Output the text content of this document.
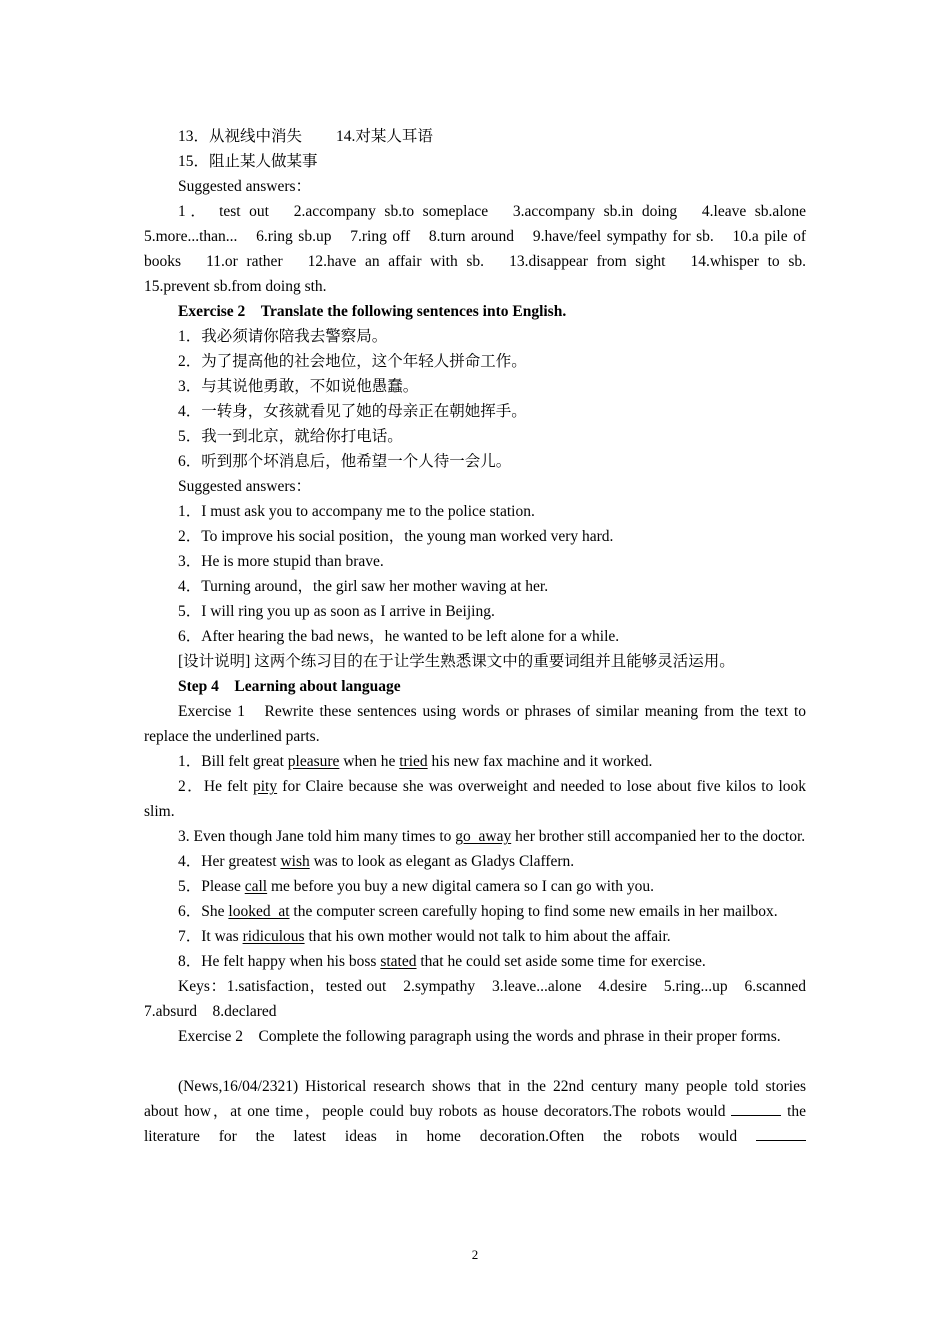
13．从视线中消失 14.对某人耳语

15．阻止某人做某事

Suggested answers：

1． test out　2.accompany sb.to someplace　3.accompany sb.in doing　4.leave sb.alone　5.more...than...　6.ring sb.up　7.ring off　8.turn around　9.have/feel sympathy for sb.　10.a pile of books　11.or rather　12.have an affair with sb.　13.disappear from sight　14.whisper to sb.　15.prevent sb.from doing sth.

Exercise 2　Translate the following sentences into English.

1．我必须请你陪我去警察局。

2．为了提高他的社会地位，这个年轻人拼命工作。

3．与其说他勇敢，不如说他愚蠢。

4．一转身，女孩就看见了她的母亲正在朝她挥手。

5．我一到北京，就给你打电话。

6．听到那个坏消息后，他希望一个人待一会儿。

Suggested answers：

1．I must ask you to accompany me to the police station.

2．To improve his social position，the young man worked very hard.

3．He is more stupid than brave.

4．Turning around，the girl saw her mother waving at her.

5．I will ring you up as soon as I arrive in Beijing.

6．After hearing the bad news，he wanted to be left alone for a while.

[设计说明] 这两个练习目的在于让学生熟悉课文中的重要词组并且能够灵活运用。

Step 4　Learning about language

Exercise 1　Rewrite these sentences using words or phrases of similar meaning from the text to replace the underlined parts.

1．Bill felt great pleasure when he tried his new fax machine and it worked.

2．He felt pity for Claire because she was overweight and needed to lose about five kilos to look slim.

3. Even though Jane told him many times to go  away her brother still accompanied her to the doctor.

4．Her greatest wish was to look as elegant as Gladys Claffern.

5．Please call me before you buy a new digital camera so I can go with you.

6．She looked  at the computer screen carefully hoping to find some new emails in her mailbox.

7．It was ridiculous that his own mother would not talk to him about the affair.

8．He felt happy when his boss stated that he could set aside some time for exercise.

Keys：1.satisfaction，tested out　2.sympathy　3.leave...alone　4.desire　5.ring...up　6.scanned　7.absurd　8.declared

Exercise 2　Complete the following paragraph using the words and phrase in their proper forms.

(News,16/04/2321) Historical research shows that in the 22nd century many people told stories about how，at one time，people could buy robots as house decorators.The robots would	the literature for the latest ideas in home decoration.Often the robots would

2
